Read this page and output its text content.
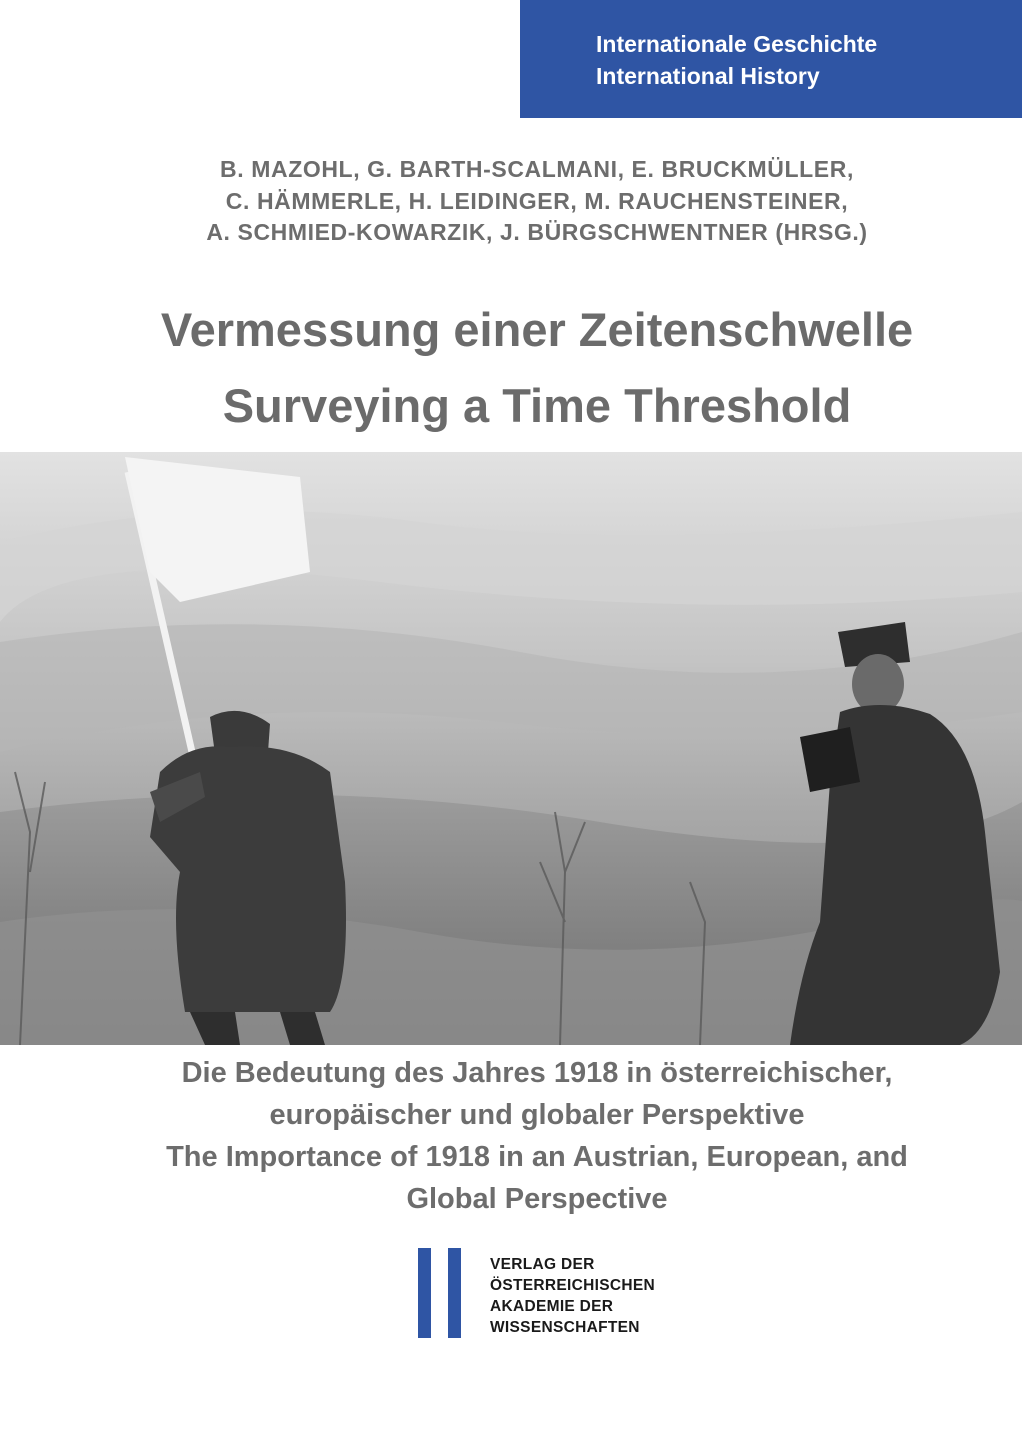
Internationale Geschichte
International History
B. MAZOHL, G. BARTH-SCALMANI, E. BRUCKMÜLLER,
C. HÄMMERLE, H. LEIDINGER, M. RAUCHENSTEINER,
A. SCHMIED-KOWARZIK, J. BÜRGSCHWENTNER (HRSG.)
Vermessung einer Zeitenschwelle
Surveying a Time Threshold
Die Bedeutung des Jahres 1918 in österreichischer,
europäischer und globaler Perspektive
The Importance of 1918 in an Austrian, European, and
Global Perspective
VERLAG DER
ÖSTERREICHISCHEN
AKADEMIE DER
WISSENSCHAFTEN
